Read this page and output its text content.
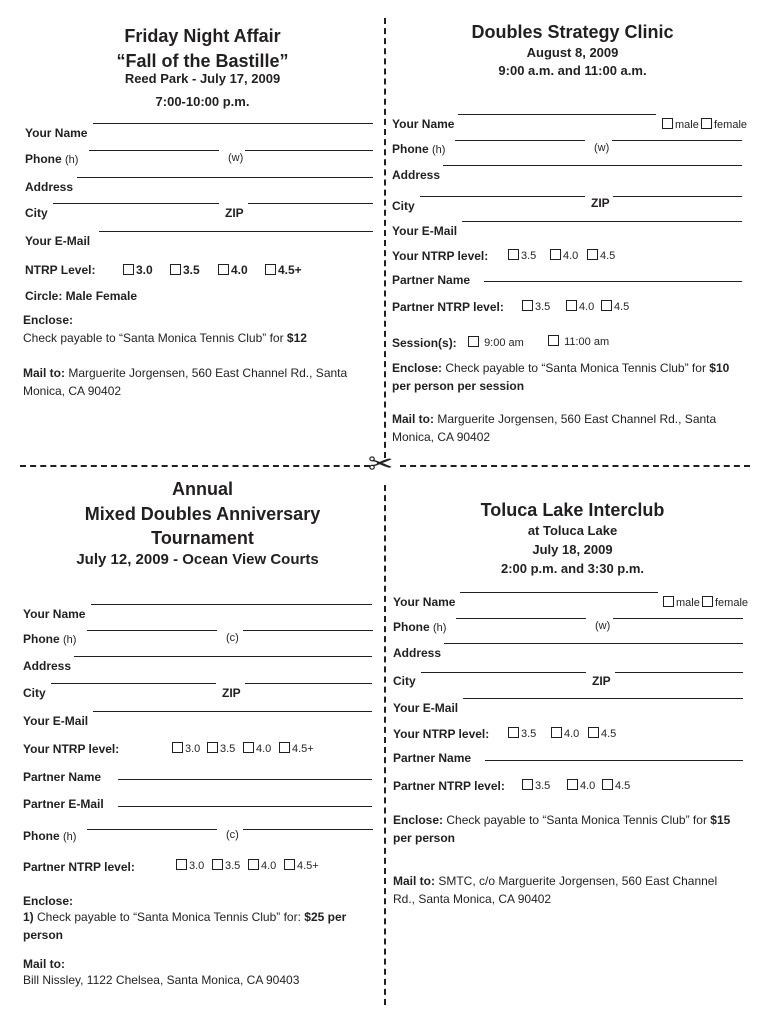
✂
Friday Night Affair
“Fall of the Bastille”
Reed Park - July 17, 2009
7:00-10:00 p.m.
Your Name
Phone (h)	(w)
Address
City	ZIP
Your E-Mail
NTRP Level:	3.0	3.5	4.0	4.5+
Circle: Male Female
Enclose:
Check payable to “Santa Monica Tennis Club” for $12
Mail to: Marguerite Jorgensen, 560 East Channel Rd., Santa Monica, CA 90402
Doubles Strategy Clinic
August 8, 2009
9:00 a.m. and 11:00 a.m.
Your Name	male	female
Phone (h)	(w)
Address
City	ZIP
Your E-Mail
Your NTRP level:	3.5	4.0	4.5
Partner Name
Partner NTRP level:	3.5	4.0	4.5
Session(s):	9:00 am	11:00 am
Enclose: Check payable to “Santa Monica Tennis Club” for $10 per person per session
Mail to: Marguerite Jorgensen, 560 East Channel Rd., Santa Monica, CA 90402
Annual
Mixed Doubles Anniversary
Tournament
July 12, 2009 - Ocean View Courts
Your Name
Phone (h)	(c)
Address
City	ZIP
Your E-Mail
Your NTRP level:	3.0	3.5	4.0	4.5+
Partner Name
Partner E-Mail
Phone (h)	(c)
Partner NTRP level:	3.0	3.5	4.0	4.5+
Enclose:
1) Check payable to “Santa Monica Tennis Club” for: $25 per person
Mail to:
Bill Nissley, 1122 Chelsea, Santa Monica, CA 90403
Toluca Lake Interclub
at Toluca Lake
July 18, 2009
2:00 p.m. and 3:30 p.m.
Your Name	male	female
Phone (h)	(w)
Address
City	ZIP
Your E-Mail
Your NTRP level:	3.5	4.0	4.5
Partner Name
Partner NTRP level:	3.5	4.0	4.5
Enclose: Check payable to “Santa Monica Tennis Club” for $15 per person
Mail to: SMTC, c/o Marguerite Jorgensen, 560 East Channel Rd., Santa Monica, CA 90402
